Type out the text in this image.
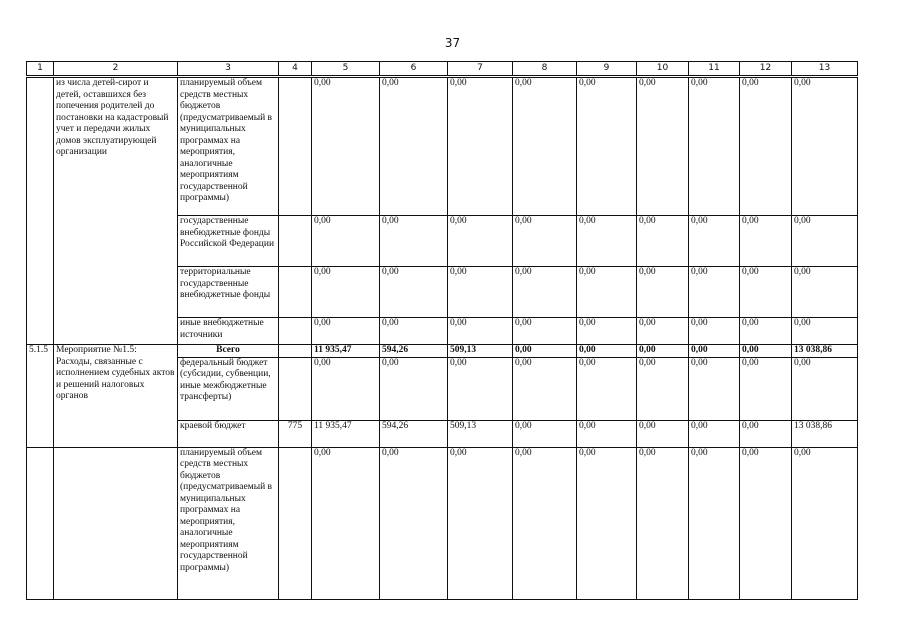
37
1	2	3	4	5	6	7	8	9	10	11	12	13
	из числа детей-сирот и детей, оставшихся без попечения родителей до постановки на кадастровый учет и передачи жилых домов эксплуатирующей организации	планируемый объем средств местных бюджетов (предусматриваемый в муниципальных программах на мероприятия, аналогичные мероприятиям государственной программы)		0,00	0,00	0,00	0,00	0,00	0,00	0,00	0,00	0,00
		государственные внебюджетные фонды Российской Федерации		0,00	0,00	0,00	0,00	0,00	0,00	0,00	0,00	0,00
		территориальные государственные внебюджетные фонды		0,00	0,00	0,00	0,00	0,00	0,00	0,00	0,00	0,00
		иные внебюджетные источники		0,00	0,00	0,00	0,00	0,00	0,00	0,00	0,00	0,00
5.1.5	Мероприятие №1.5: Расходы, связанные с исполнением судебных актов и решений налоговых органов	Всего		11 935,47	594,26	509,13	0,00	0,00	0,00	0,00	0,00	13 038,86
		федеральный бюджет (субсидии, субвенции, иные межбюджетные трансферты)		0,00	0,00	0,00	0,00	0,00	0,00	0,00	0,00	0,00
		краевой бюджет	775	11 935,47	594,26	509,13	0,00	0,00	0,00	0,00	0,00	13 038,86
		планируемый объем средств местных бюджетов (предусматриваемый в муниципальных программах на мероприятия, аналогичные мероприятиям государственной программы)		0,00	0,00	0,00	0,00	0,00	0,00	0,00	0,00	0,00
